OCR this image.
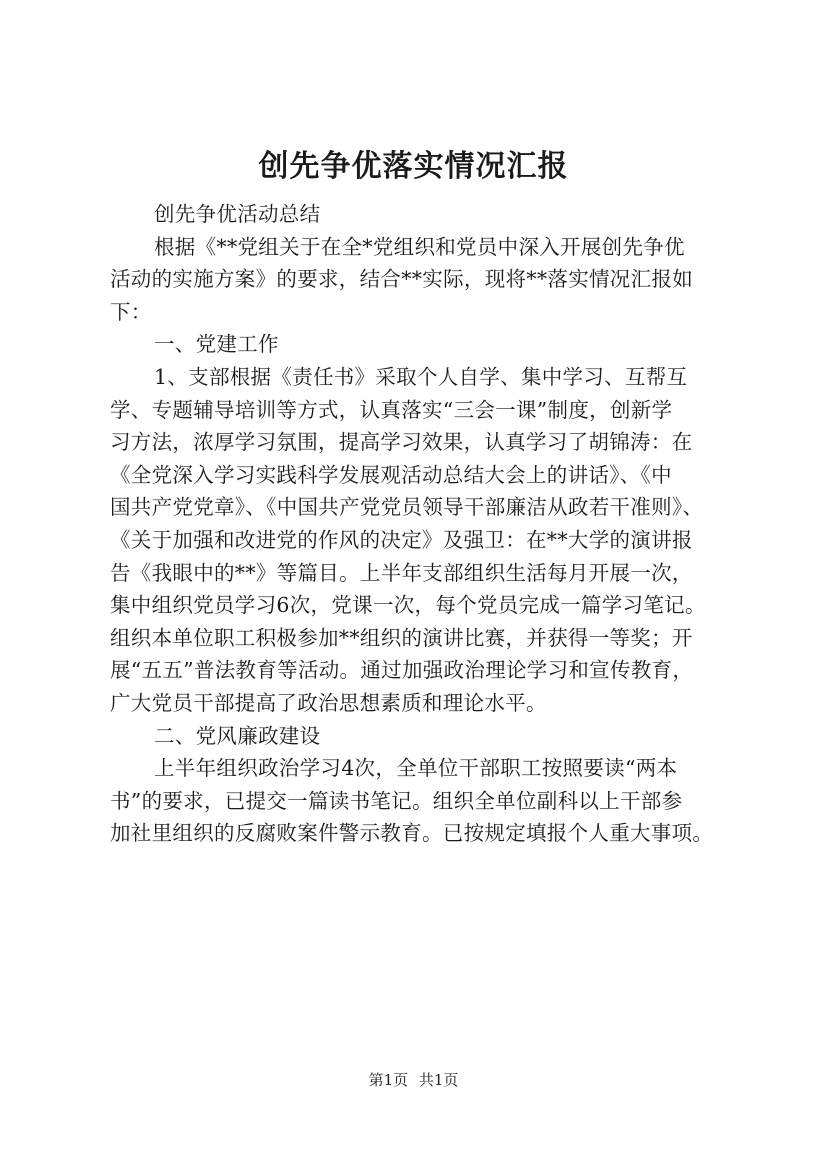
创先争优落实情况汇报
创先争优活动总结
根据《**党组关于在全*党组织和党员中深入开展创先争优
活动的实施方案》的要求，结合**实际，现将**落实情况汇报如
下：
一、党建工作
1、支部根据《责任书》采取个人自学、集中学习、互帮互
学、专题辅导培训等方式，认真落实“三会一课”制度，创新学
习方法，浓厚学习氛围，提高学习效果，认真学习了胡锦涛：在
《全党深入学习实践科学发展观活动总结大会上的讲话》、《中
国共产党党章》、《中国共产党党员领导干部廉洁从政若干准则》、
《关于加强和改进党的作风的决定》及强卫：在**大学的演讲报
告《我眼中的**》等篇目。上半年支部组织生活每月开展一次，
集中组织党员学习6次，党课一次，每个党员完成一篇学习笔记。
组织本单位职工积极参加**组织的演讲比赛，并获得一等奖；开
展“五五”普法教育等活动。通过加强政治理论学习和宣传教育，
广大党员干部提高了政治思想素质和理论水平。
二、党风廉政建设
上半年组织政治学习4次，全单位干部职工按照要读“两本
书”的要求，已提交一篇读书笔记。组织全单位副科以上干部参
加社里组织的反腐败案件警示教育。已按规定填报个人重大事项。
第1页 共1页
